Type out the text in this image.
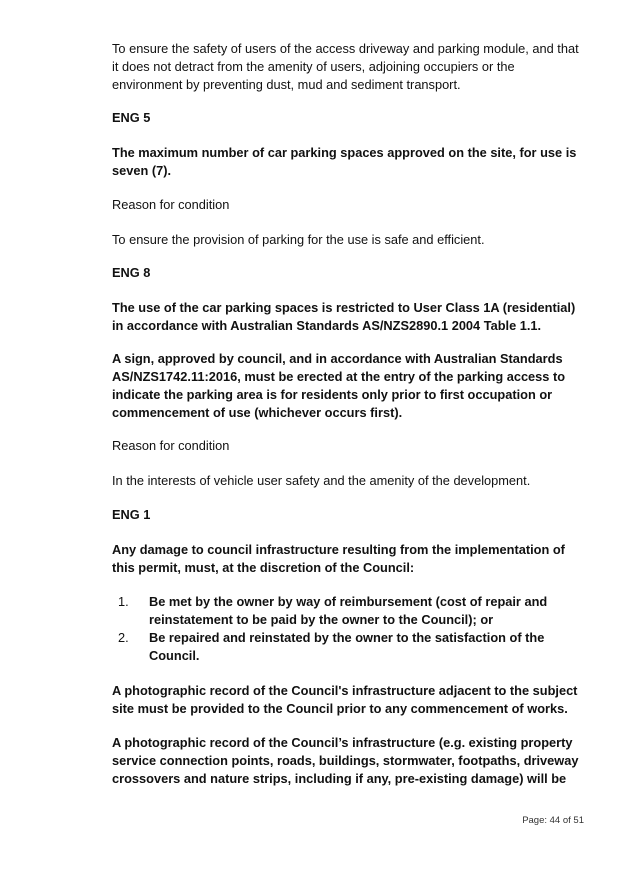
To ensure the safety of users of the access driveway and parking module, and that it does not detract from the amenity of users, adjoining occupiers or the environment by preventing dust, mud and sediment transport.

ENG 5

The maximum number of car parking spaces approved on the site, for use is seven (7).

Reason for condition

To ensure the provision of parking for the use is safe and efficient.

ENG 8

The use of the car parking spaces is restricted to User Class 1A (residential) in accordance with Australian Standards AS/NZS2890.1 2004 Table 1.1.

A sign, approved by council, and in accordance with Australian Standards AS/NZS1742.11:2016, must be erected at the entry of the parking access to indicate the parking area is for residents only prior to first occupation or commencement of use (whichever occurs first).

Reason for condition

In the interests of vehicle user safety and the amenity of the development.

ENG 1

Any damage to council infrastructure resulting from the implementation of this permit, must, at the discretion of the Council:

1.	Be met by the owner by way of reimbursement (cost of repair and reinstatement to be paid by the owner to the Council); or
2.	Be repaired and reinstated by the owner to the satisfaction of the Council.

A photographic record of the Council's infrastructure adjacent to the subject site must be provided to the Council prior to any commencement of works.

A photographic record of the Council’s infrastructure (e.g. existing property service connection points, roads, buildings, stormwater, footpaths, driveway crossovers and nature strips, including if any, pre-existing damage) will be

Page: 44 of 51
